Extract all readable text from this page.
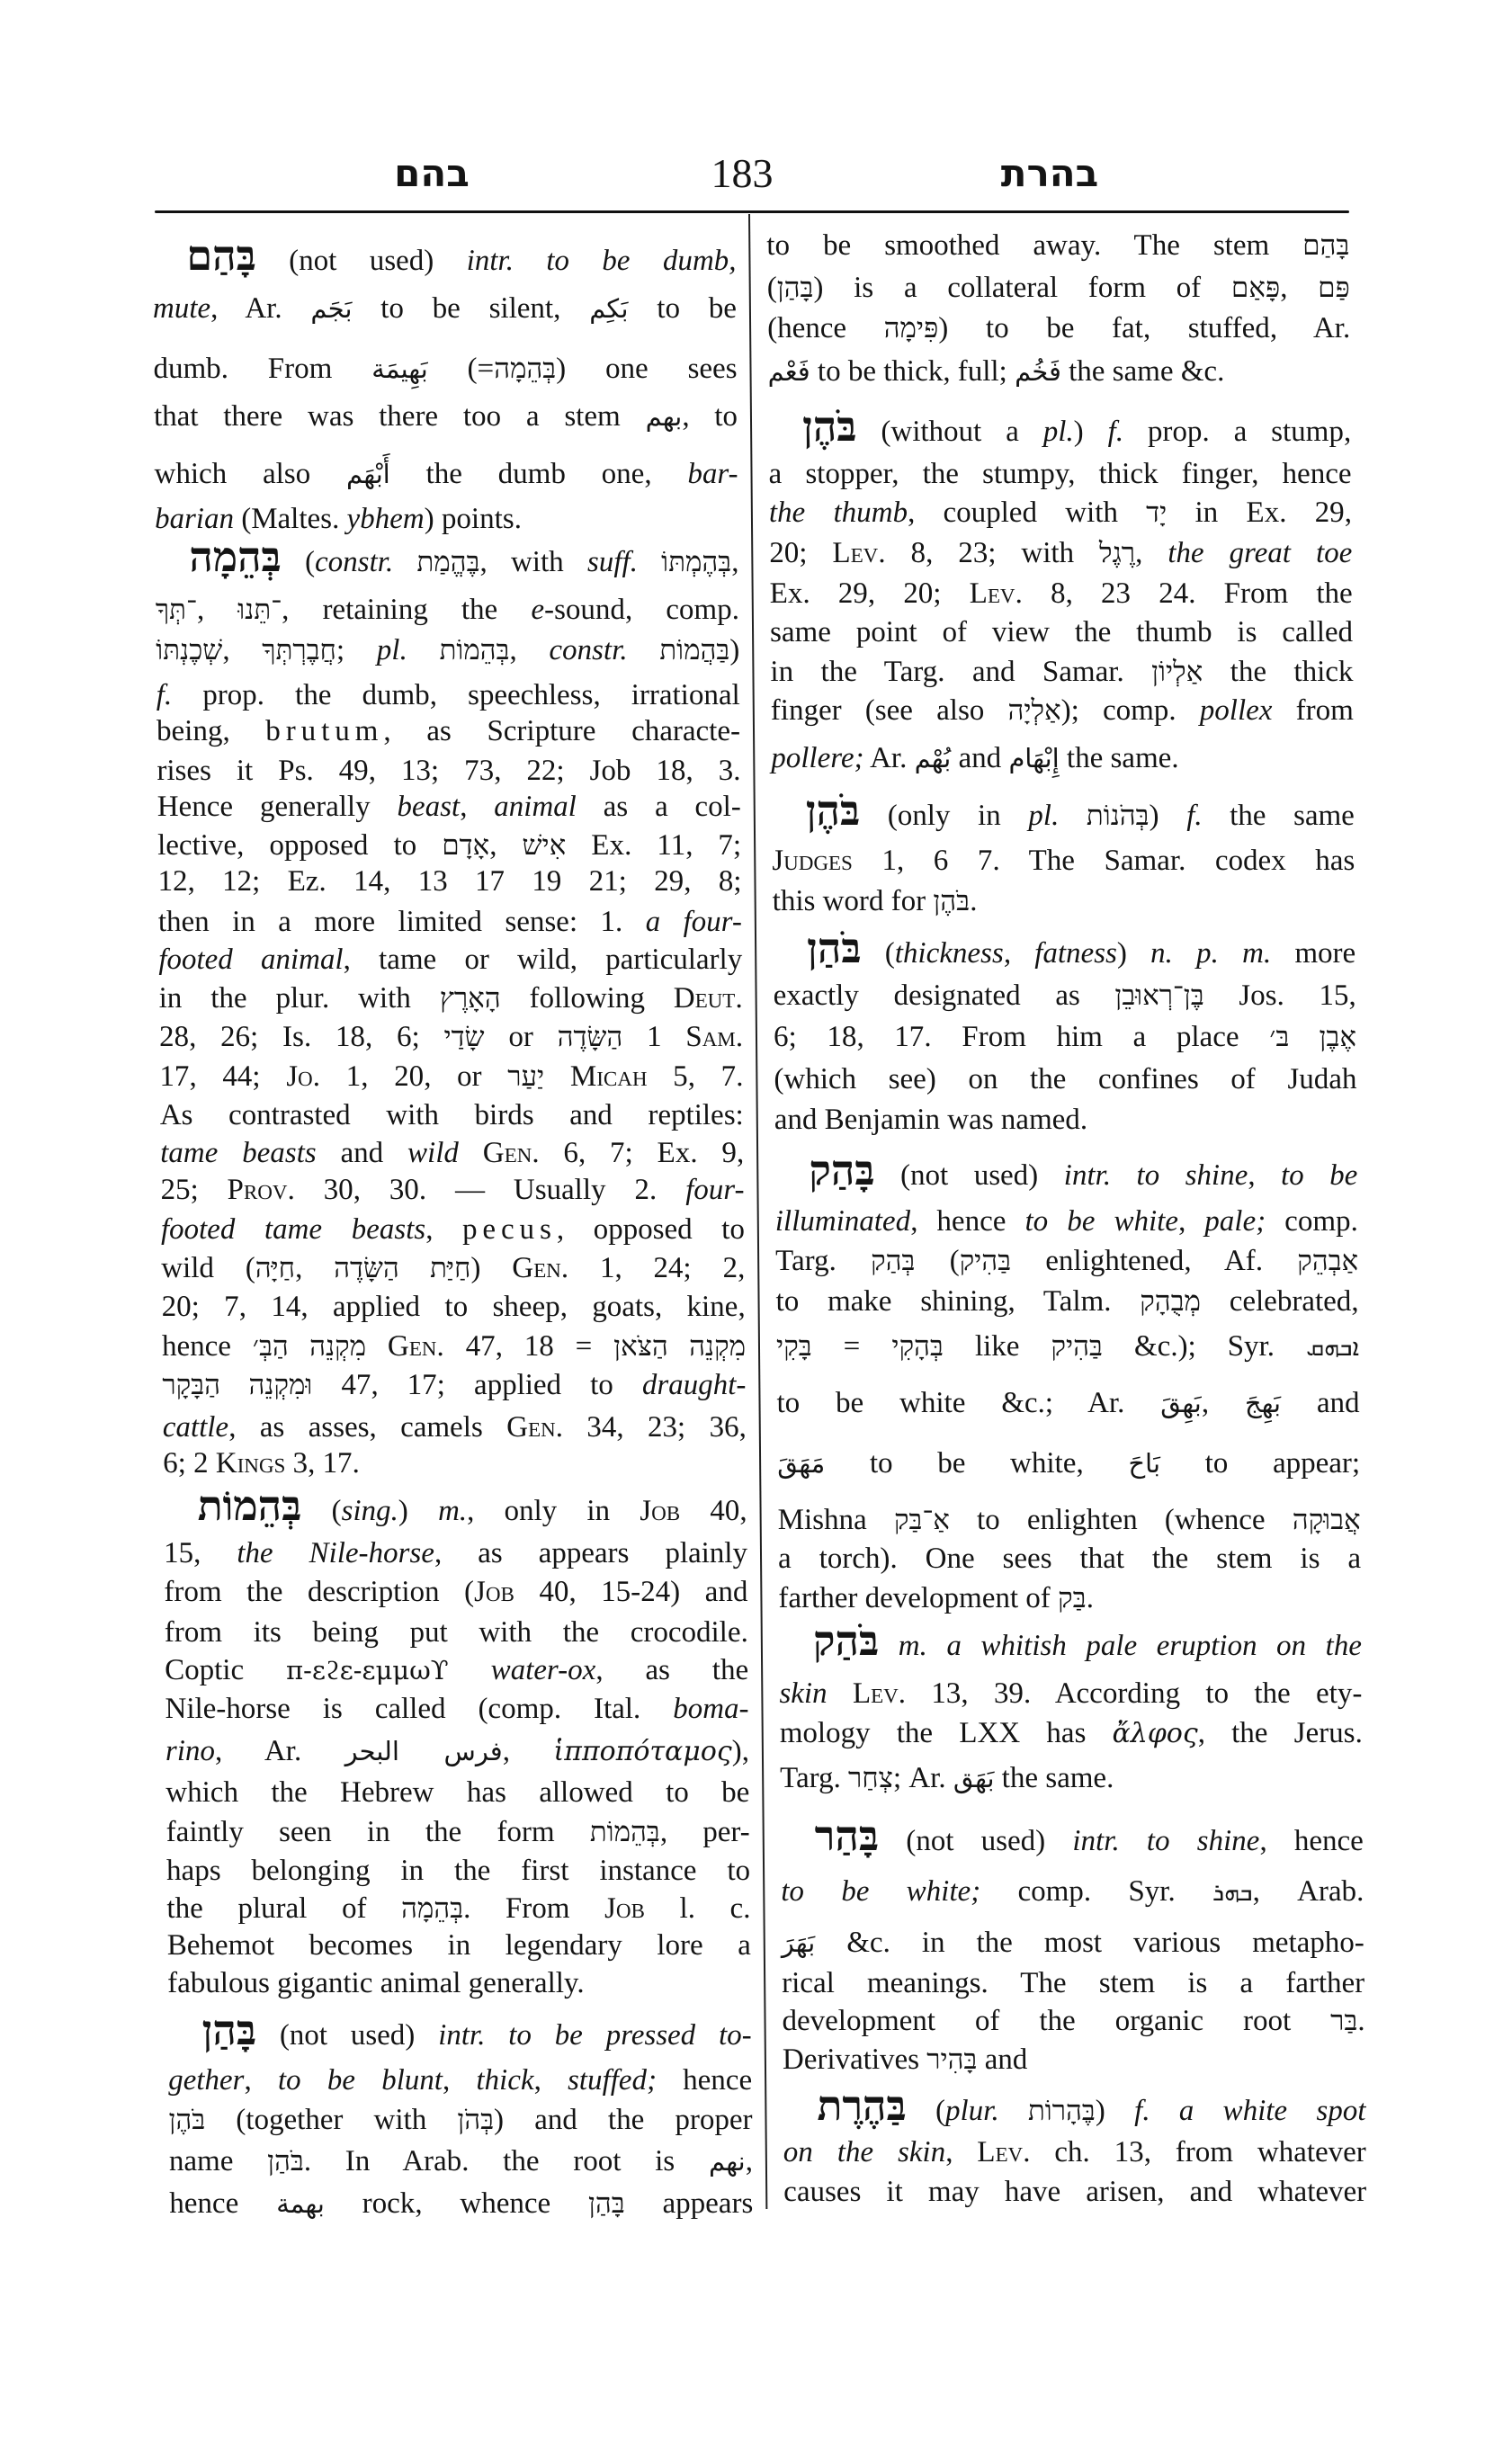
בהם	183	בהרת
בָּהַם (not used) intr. to be dumb,
mute, Ar. بَجَم to be silent, بَكِم to be
dumb. From بَهِيمَة (=בְּהֵמָה) one sees
that there was there too a stem بهم, to
which also أَبْهَم the dumb one, bar-
barian (Maltes. ybhem) points.
בְּהֵמָה (constr. בֶּהֱמַת, with suff. בְּהֶמְתּוֹ,
־תְּךָ, ־תֵּנוּ, retaining the e-sound, comp.
שְׁכֶנְתּוֹ, חֲבֶרְתְּךָ; pl. בְּהֵמוֹת, constr. בַּהֲמוֹת)
f. prop. the dumb, speechless, irrational
being, brutum, as Scripture characte-
rises it Ps. 49, 13; 73, 22; Job 18, 3.
Hence generally beast, animal as a col-
lective, opposed to אָדָם, אִישׁ Ex. 11, 7;
12, 12; Ez. 14, 13 17 19 21; 29, 8;
then in a more limited sense: 1. a four-
footed animal, tame or wild, particularly
in the plur. with הָאָרֶץ following Deut.
28, 26; Is. 18, 6; שָׂדַי or הַשָּׂדֶה 1 Sam.
17, 44; Jo. 1, 20, or יַעַר Micah 5, 7.
As contrasted with birds and reptiles:
tame beasts and wild Gen. 6, 7; Ex. 9,
25; Prov. 30, 30. — Usually 2. four-
footed tame beasts, pecus, opposed to
wild (חַיָּה, חַיַּת הַשָּׂדֶה) Gen. 1, 24; 2,
20; 7, 14, applied to sheep, goats, kine,
hence מִקְנֵה הַבְּ׳ Gen. 47, 18 = מִקְנֵה הַצֹּאן
וּמִקְנֵה הַבָּקָר 47, 17; applied to draught-
cattle, as asses, camels Gen. 34, 23; 36,
6; 2 Kings 3, 17.
בְּהֵמוֹת (sing.) m., only in Job 40,
15, the Nile-horse, as appears plainly
from the description (Job 40, 15-24) and
from its being put with the crocodile.
Coptic π-εϩε-εμμωϒ water-ox, as the
Nile-horse is called (comp. Ital. boma-
rino, Ar. فرس البحر, ἱπποπόταμος),
which the Hebrew has allowed to be
faintly seen in the form בְּהֵמוֹת, per-
haps belonging in the first instance to
the plural of בְּהֵמָה. From Job l. c.
Behemot becomes in legendary lore a
fabulous gigantic animal generally.
בָּהַן (not used) intr. to be pressed to-
gether, to be blunt, thick, stuffed; hence
בֹּהֶן (together with בְּהֹן) and the proper
name בֹּהַן. In Arab. the root is نهم,
hence بهمة rock, whence בָּהַן appears
to be smoothed away. The stem בָּהַם
(בָּהַן) is a collateral form of פָּאַם, פַּם
(hence פִּימָה) to be fat, stuffed, Ar.
فَعْم to be thick, full; فَخُم the same &c.
בֹּהֶן (without a pl.) f. prop. a stump,
a stopper, the stumpy, thick finger, hence
the thumb, coupled with יָד in Ex. 29,
20; Lev. 8, 23; with רֶגֶל, the great toe
Ex. 29, 20; Lev. 8, 23 24. From the
same point of view the thumb is called
in the Targ. and Samar. אַלְיוֹן the thick
finger (see also אַלְיָה); comp. pollex from
pollere; Ar. بُهْم and إِبْهَام the same.
בֹּהֶן (only in pl. בְּהֹנוֹת) f. the same
Judges 1, 6 7. The Samar. codex has
this word for בֹּהֶן.
בֹּהַן (thickness, fatness) n. p. m. more
exactly designated as בֶּן־רְאוּבֵן Jos. 15,
6; 18, 17. From him a place אֶבֶן בּ׳
(which see) on the confines of Judah
and Benjamin was named.
בָּהַק (not used) intr. to shine, to be
illuminated, hence to be white, pale; comp.
Targ. בְּהַק (בַּהִיק enlightened, Af. אַבְהֵק
to make shining, Talm. מְבֻהָק celebrated,
בָּקִי = בְּהָקִי like בַּהִיק &c.); Syr. ܐܒܗܩ
to be white &c.; Ar. بَهِقَ, بَهِجَ and
مَهَقَ to be white, بَاحَ to appear;
Mishna אַ־בַּק to enlighten (whence אֲבוּקָה
a torch). One sees that the stem is a
farther development of בַּק.
בֹּהַק m. a whitish pale eruption on the
skin Lev. 13, 39. According to the ety-
mology the LXX has ἄλφος, the Jerus.
Targ. צְחַר; Ar. بَهَق the same.
בָּהַר (not used) intr. to shine, hence
to be white; comp. Syr. ܒܗܪ, Arab.
بَهَرَ &c. in the most various metapho-
rical meanings. The stem is a farther
development of the organic root בַּר.
Derivatives בָּהִיר and
בַּהֶרֶת (plur. בֶּהָרוֹת) f. a white spot
on the skin, Lev. ch. 13, from whatever
causes it may have arisen, and whatever
